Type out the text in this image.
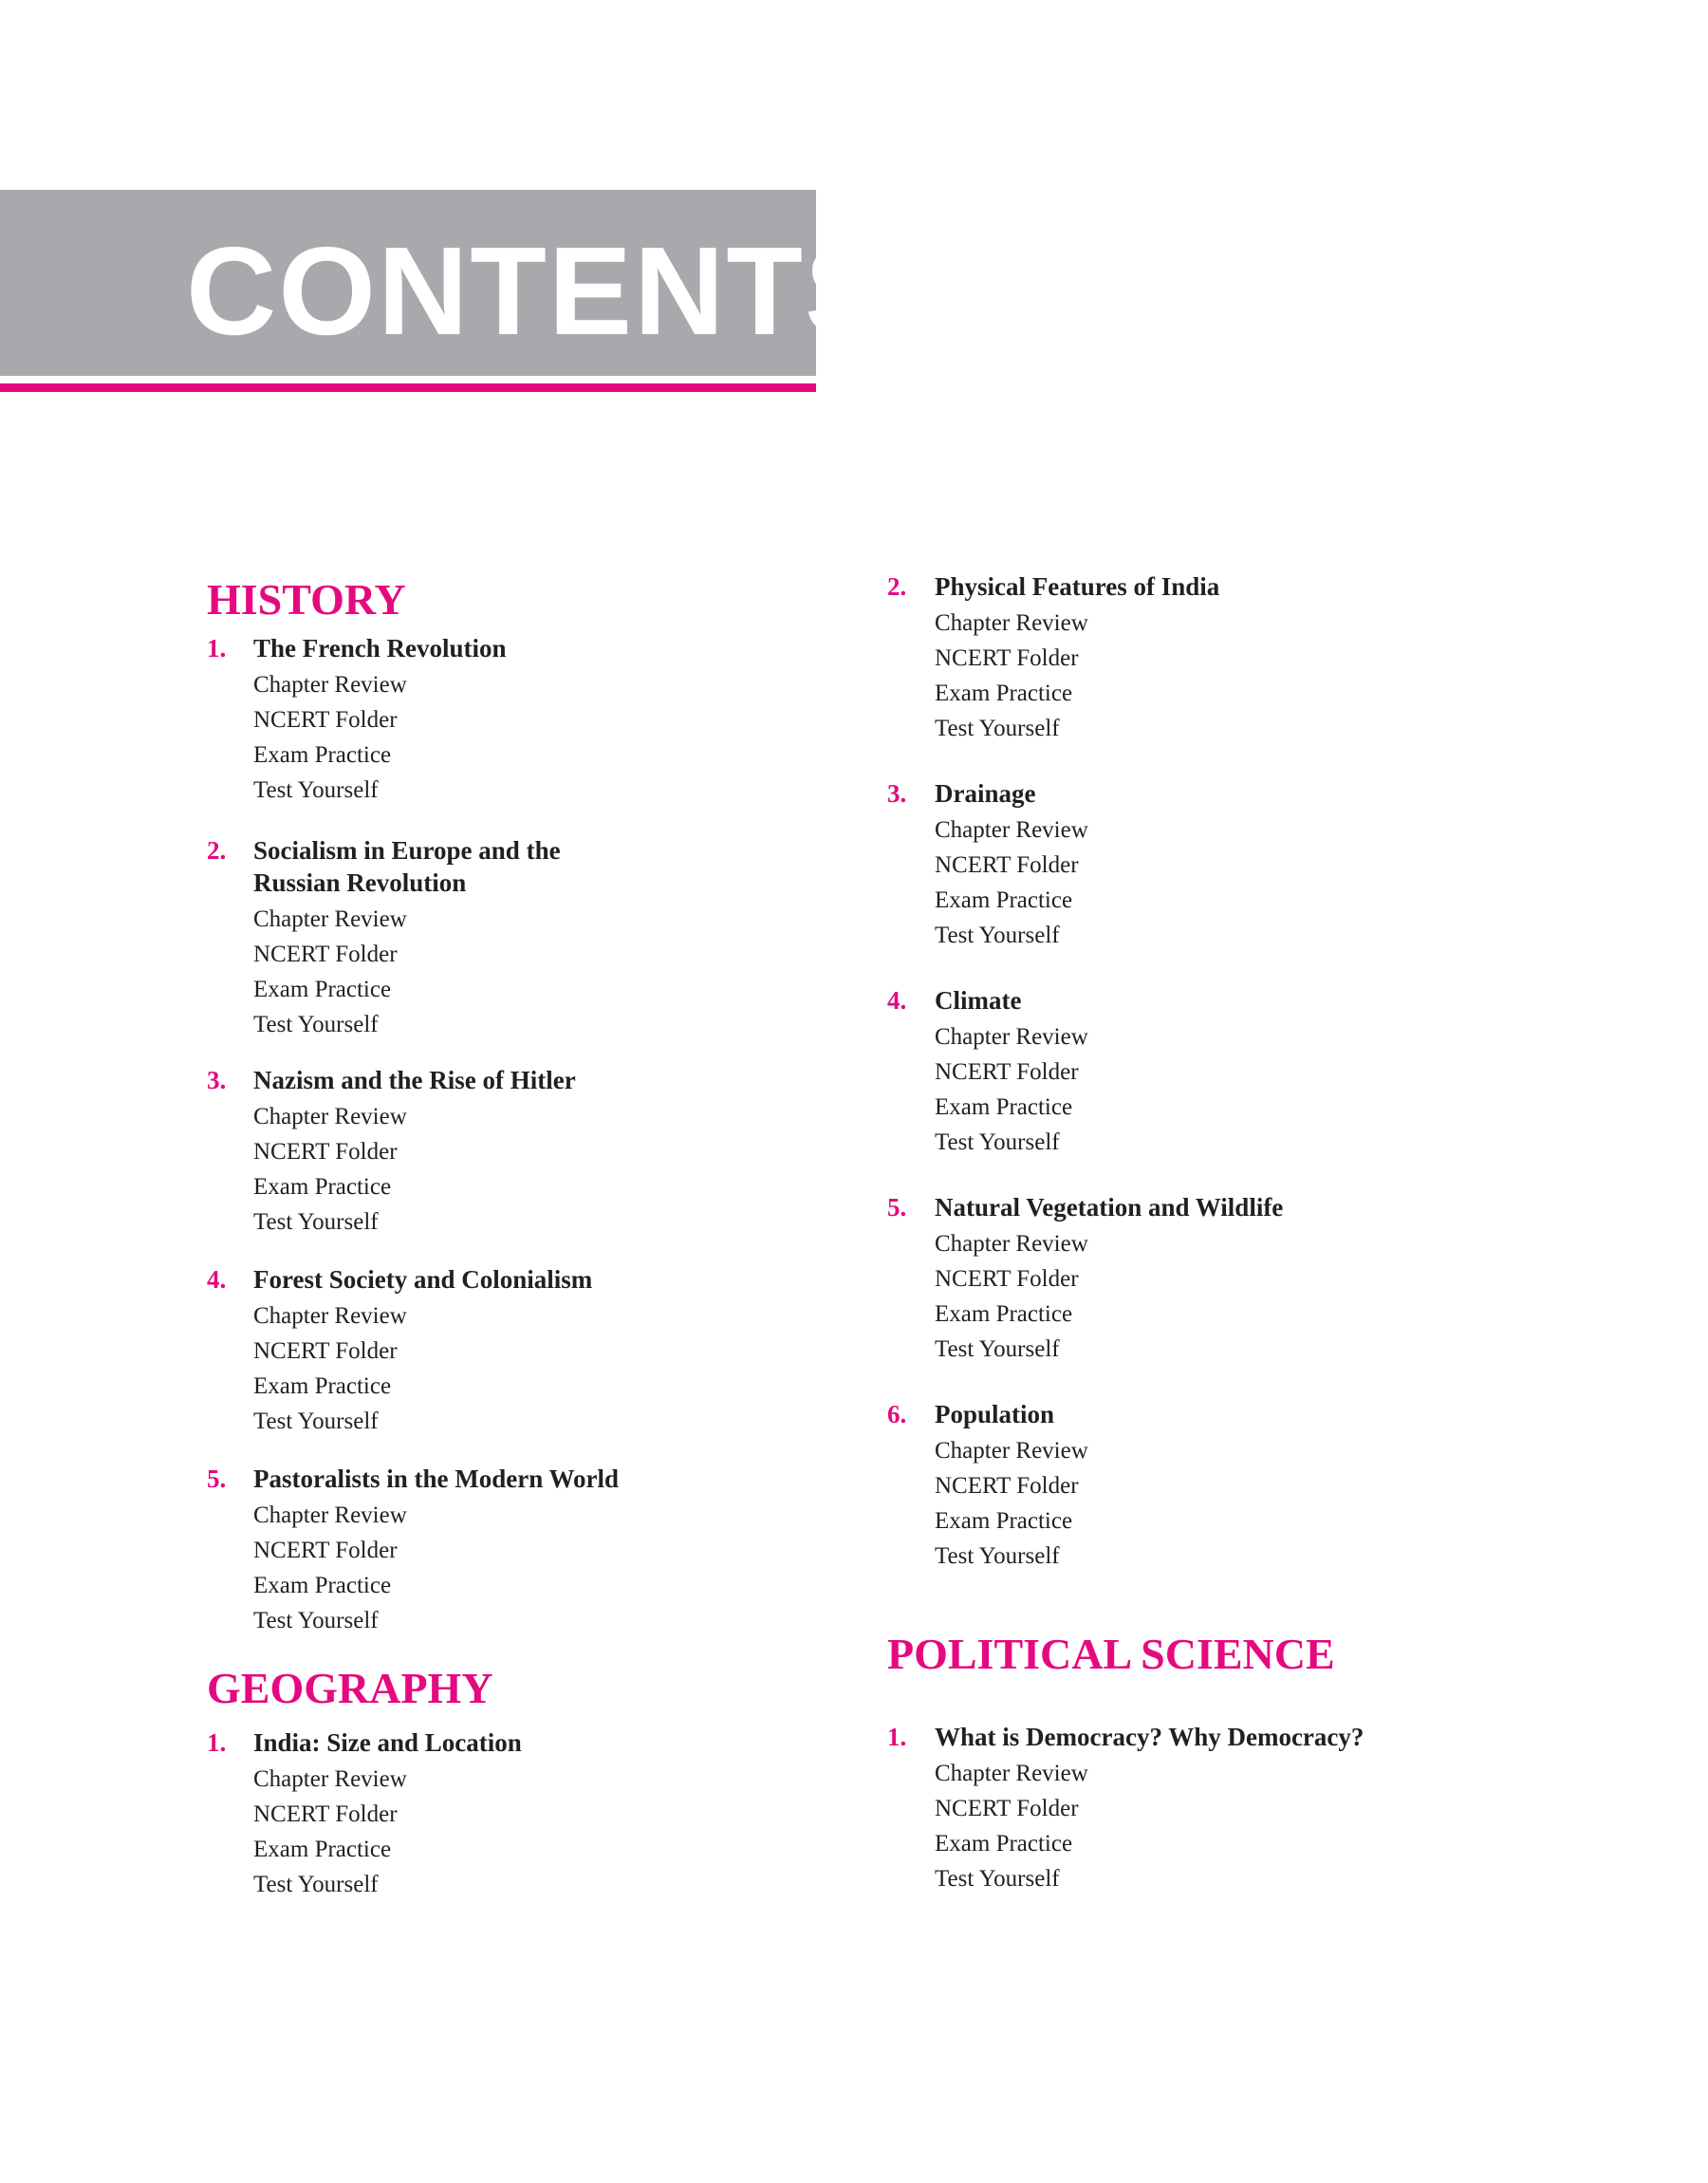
CONTENTS
HISTORY
1. The French Revolution
Chapter Review
NCERT Folder
Exam Practice
Test Yourself
2. Socialism in Europe and the
Russian Revolution
Chapter Review
NCERT Folder
Exam Practice
Test Yourself
3. Nazism and the Rise of Hitler
Chapter Review
NCERT Folder
Exam Practice
Test Yourself
4. Forest Society and Colonialism
Chapter Review
NCERT Folder
Exam Practice
Test Yourself
5. Pastoralists in the Modern World
Chapter Review
NCERT Folder
Exam Practice
Test Yourself
GEOGRAPHY
1. India: Size and Location
Chapter Review
NCERT Folder
Exam Practice
Test Yourself
2. Physical Features of India
Chapter Review
NCERT Folder
Exam Practice
Test Yourself
3. Drainage
Chapter Review
NCERT Folder
Exam Practice
Test Yourself
4. Climate
Chapter Review
NCERT Folder
Exam Practice
Test Yourself
5. Natural Vegetation and Wildlife
Chapter Review
NCERT Folder
Exam Practice
Test Yourself
6. Population
Chapter Review
NCERT Folder
Exam Practice
Test Yourself
POLITICAL SCIENCE
1. What is Democracy? Why Democracy?
Chapter Review
NCERT Folder
Exam Practice
Test Yourself
